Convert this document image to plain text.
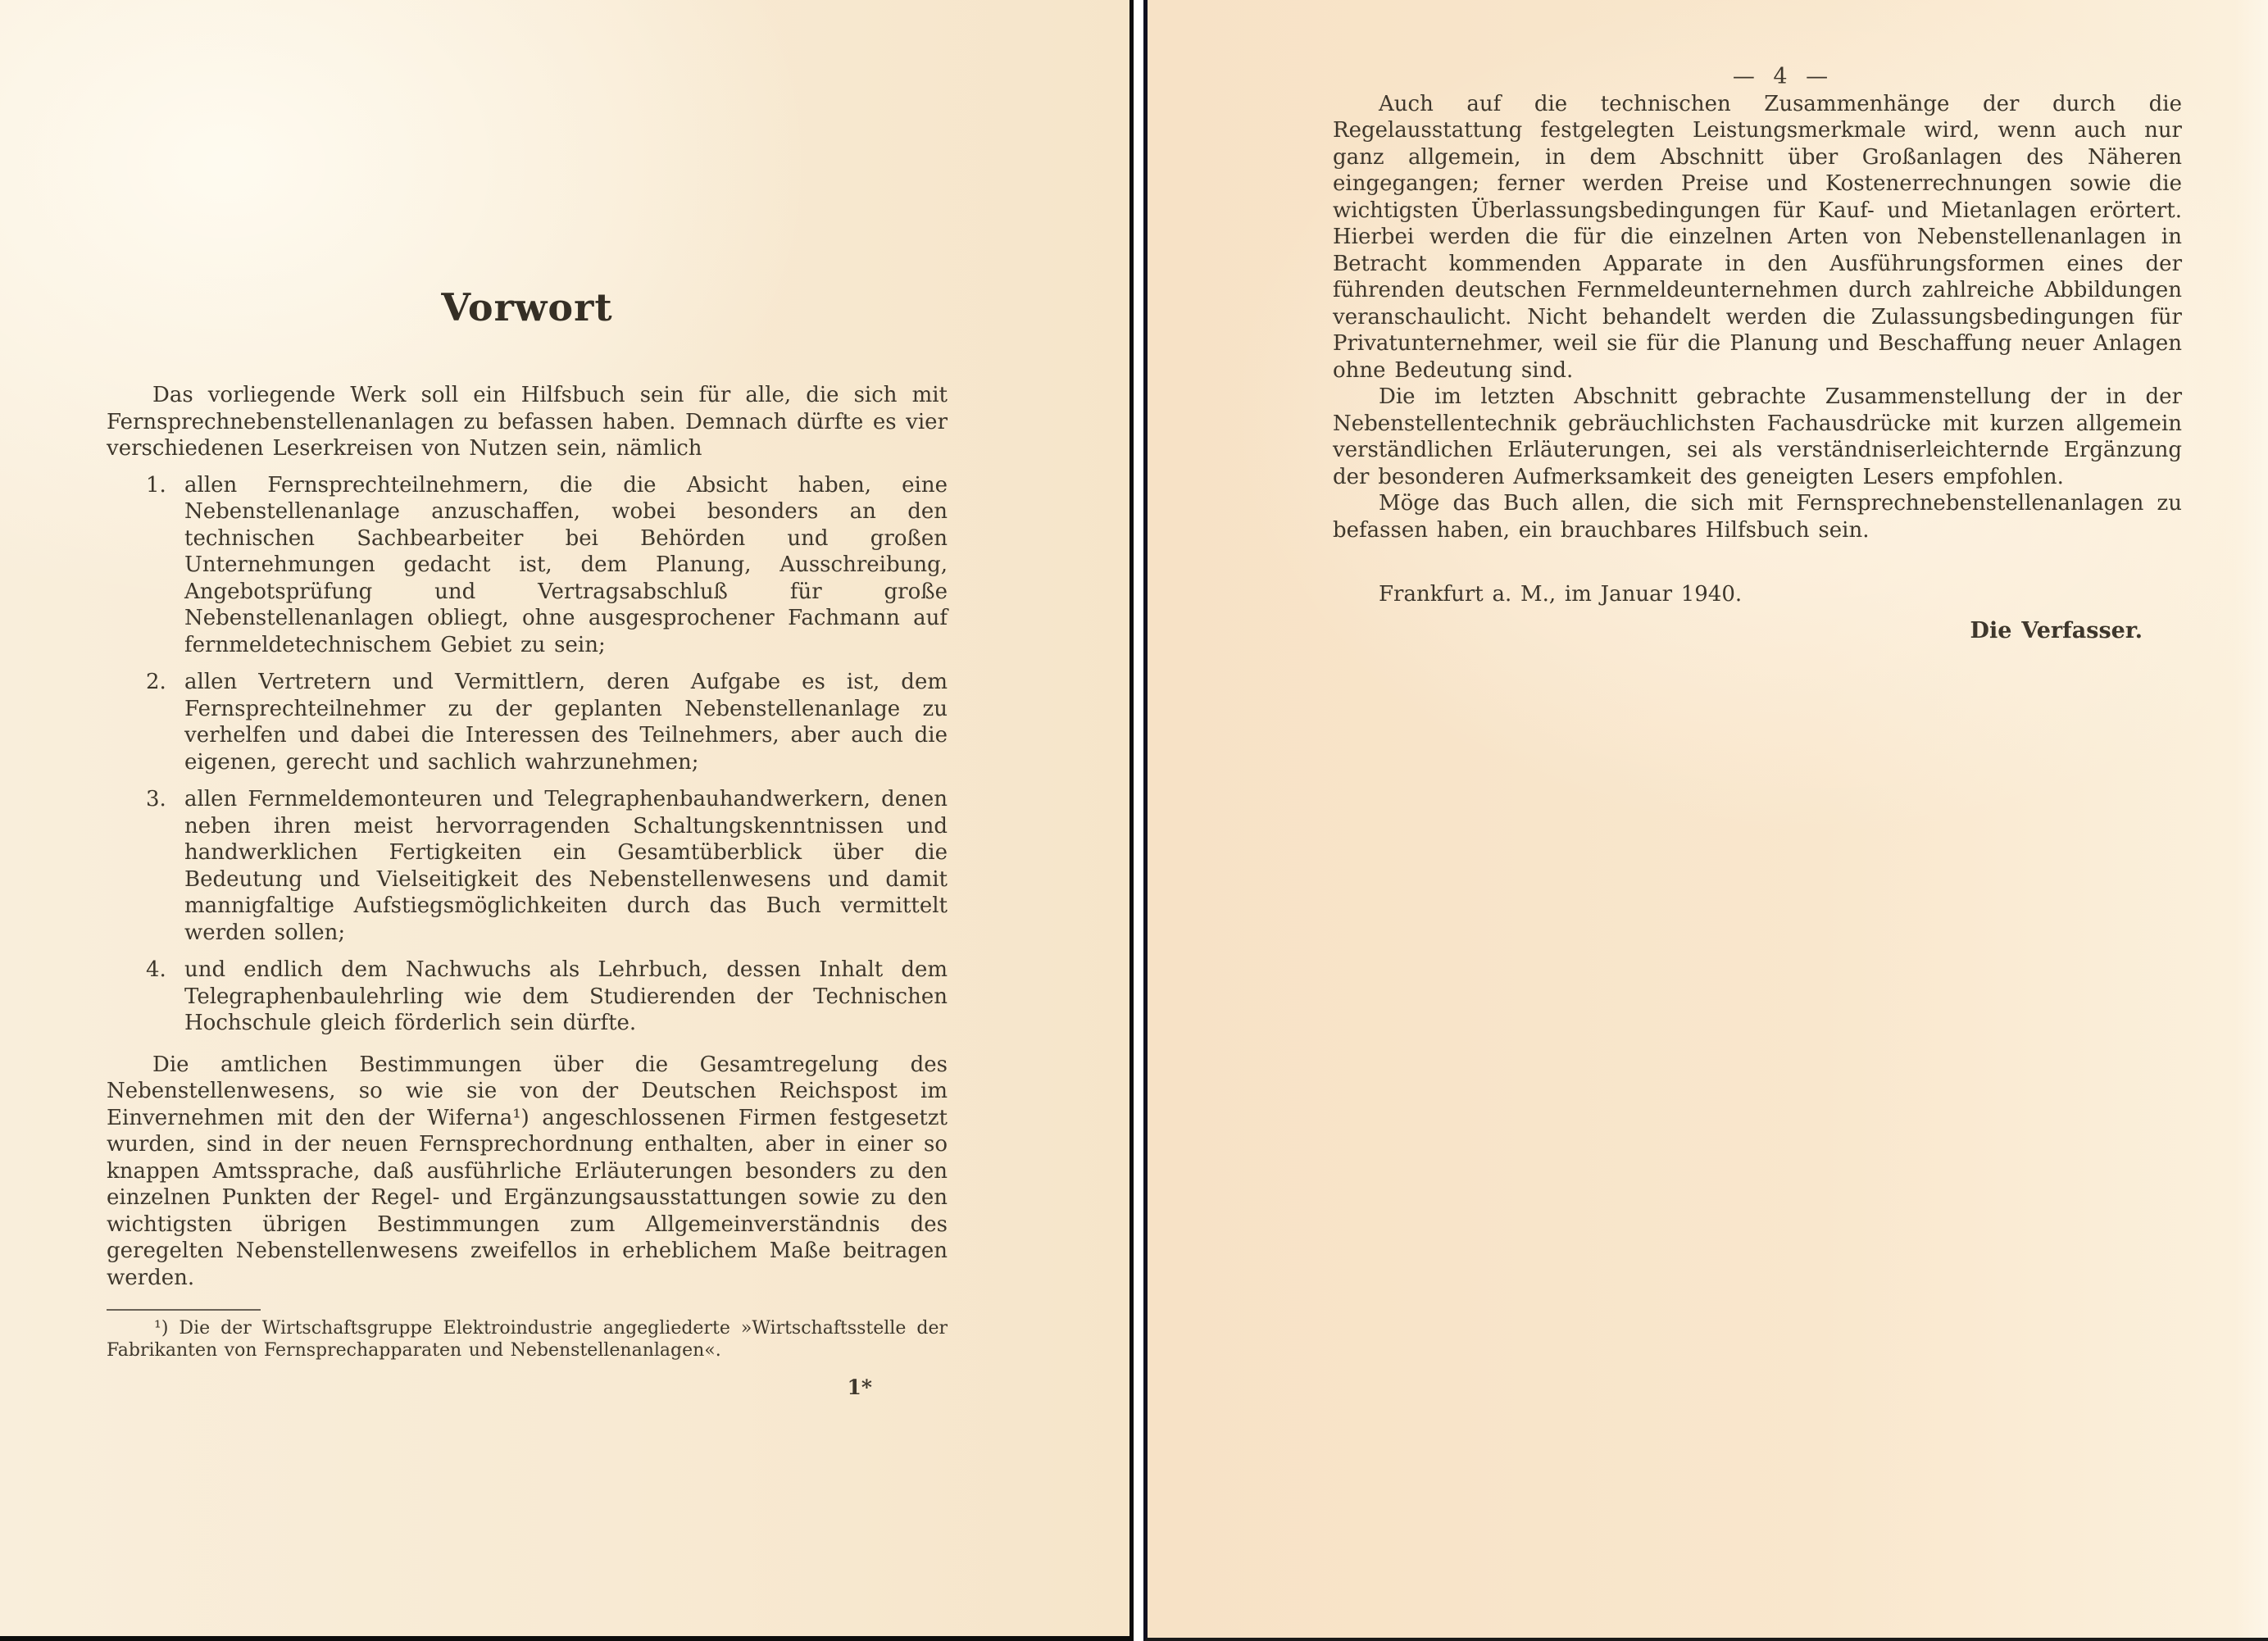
Vorwort

Das vorliegende Werk soll ein Hilfsbuch sein für alle, die sich mit Fernsprechnebenstellenanlagen zu befassen haben. Demnach dürfte es vier verschiedenen Leserkreisen von Nutzen sein, nämlich

1. allen Fernsprechteilnehmern, die die Absicht haben, eine Nebenstellenanlage anzuschaffen, wobei besonders an den technischen Sachbearbeiter bei Behörden und großen Unternehmungen gedacht ist, dem Planung, Ausschreibung, Angebotsprüfung und Vertragsabschluß für große Nebenstellenanlagen obliegt, ohne ausgesprochener Fachmann auf fernmeldetechnischem Gebiet zu sein;
2. allen Vertretern und Vermittlern, deren Aufgabe es ist, dem Fernsprechteilnehmer zu der geplanten Nebenstellenanlage zu verhelfen und dabei die Interessen des Teilnehmers, aber auch die eigenen, gerecht und sachlich wahrzunehmen;
3. allen Fernmeldemonteuren und Telegraphenbauhandwerkern, denen neben ihren meist hervorragenden Schaltungskenntnissen und handwerklichen Fertigkeiten ein Gesamtüberblick über die Bedeutung und Vielseitigkeit des Nebenstellenwesens und damit mannigfaltige Aufstiegsmöglichkeiten durch das Buch vermittelt werden sollen;
4. und endlich dem Nachwuchs als Lehrbuch, dessen Inhalt dem Telegraphenbaulehrling wie dem Studierenden der Technischen Hochschule gleich förderlich sein dürfte.

Die amtlichen Bestimmungen über die Gesamtregelung des Nebenstellenwesens, so wie sie von der Deutschen Reichspost im Einvernehmen mit den der Wiferna¹) angeschlossenen Firmen festgesetzt wurden, sind in der neuen Fernsprechordnung enthalten, aber in einer so knappen Amtssprache, daß ausführliche Erläuterungen besonders zu den einzelnen Punkten der Regel- und Ergänzungsausstattungen sowie zu den wichtigsten übrigen Bestimmungen zum Allgemeinverständnis des geregelten Nebenstellenwesens zweifellos in erheblichem Maße beitragen werden.

¹) Die der Wirtschaftsgruppe Elektroindustrie angegliederte »Wirtschaftsstelle der Fabrikanten von Fernsprechapparaten und Nebenstellenanlagen«.

1*

— 4 —

Auch auf die technischen Zusammenhänge der durch die Regelausstattung festgelegten Leistungsmerkmale wird, wenn auch nur ganz allgemein, in dem Abschnitt über Großanlagen des Näheren eingegangen; ferner werden Preise und Kostenerrechnungen sowie die wichtigsten Überlassungsbedingungen für Kauf- und Mietanlagen erörtert. Hierbei werden die für die einzelnen Arten von Nebenstellenanlagen in Betracht kommenden Apparate in den Ausführungsformen eines der führenden deutschen Fernmeldeunternehmen durch zahlreiche Abbildungen veranschaulicht. Nicht behandelt werden die Zulassungsbedingungen für Privatunternehmer, weil sie für die Planung und Beschaffung neuer Anlagen ohne Bedeutung sind.

Die im letzten Abschnitt gebrachte Zusammenstellung der in der Nebenstellentechnik gebräuchlichsten Fachausdrücke mit kurzen allgemein verständlichen Erläuterungen, sei als verständniserleichternde Ergänzung der besonderen Aufmerksamkeit des geneigten Lesers empfohlen.

Möge das Buch allen, die sich mit Fernsprechnebenstellenanlagen zu befassen haben, ein brauchbares Hilfsbuch sein.

Frankfurt a. M., im Januar 1940.

Die Verfasser.
